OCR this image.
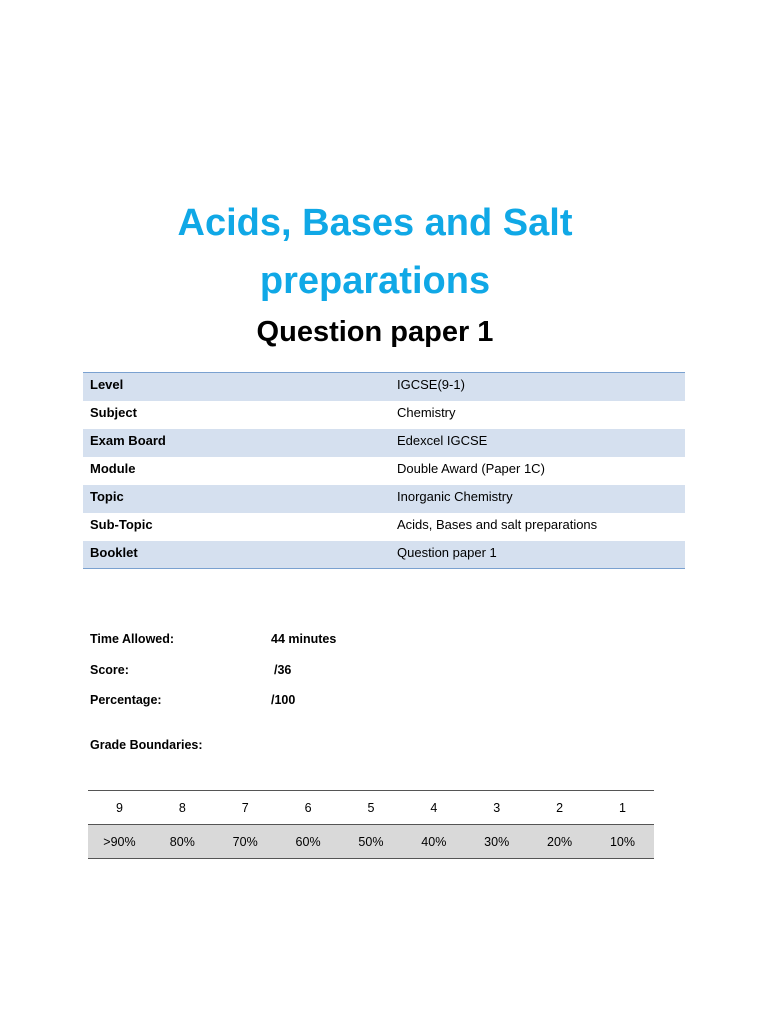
Acids, Bases and Salt
preparations
Question paper 1
Level	IGCSE(9-1)
Subject	Chemistry
Exam Board	Edexcel IGCSE
Module	Double Award (Paper 1C)
Topic	Inorganic Chemistry
Sub-Topic	Acids, Bases and salt preparations
Booklet	Question paper 1
Time Allowed:	44 minutes
Score:	/36
Percentage:	/100
Grade Boundaries:
9	8	7	6	5	4	3	2	1
>90%	80%	70%	60%	50%	40%	30%	20%	10%
